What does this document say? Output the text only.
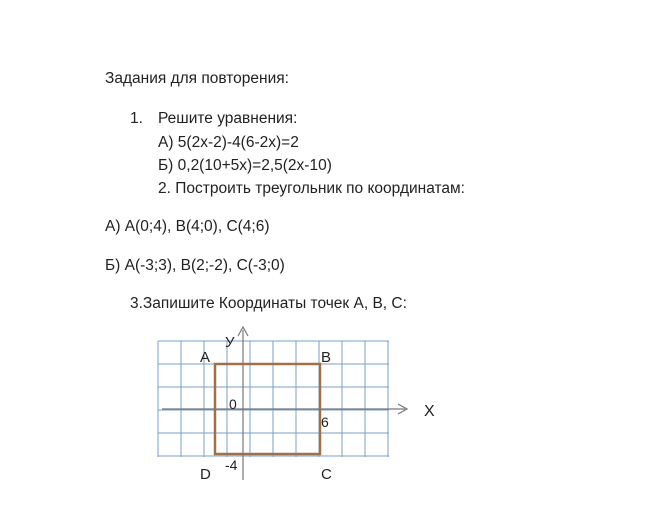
Задания для повторения:
1. Решите уравнения:
А) 5(2х-2)-4(6-2х)=2
Б) 0,2(10+5х)=2,5(2х-10)
2. Построить треугольник по координатам:
А) A(0;4), B(4;0), C(4;6)
Б) A(-3;3), B(2;-2), C(-3;0)
3.Запишите Координаты точек A, B, C:
У
Х
0
6
-4
A	B
C
D
